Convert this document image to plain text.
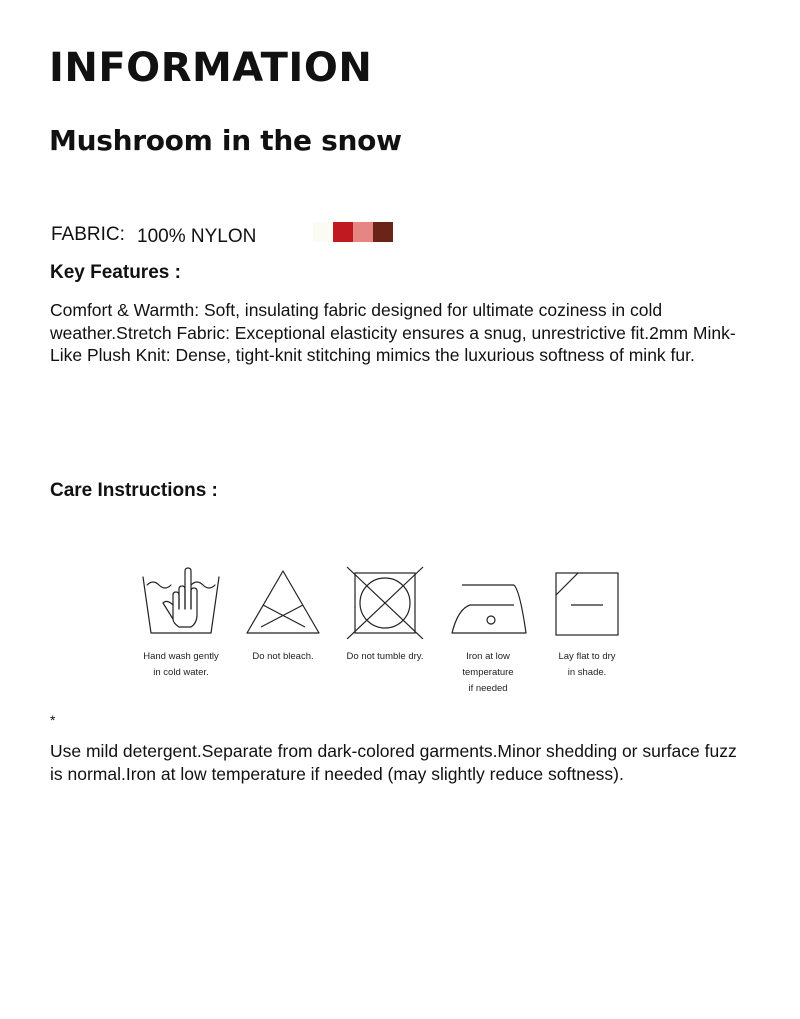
INFORMATION
Mushroom in the snow
FABRIC: 100% NYLON
Key Features :

Comfort & Warmth: Soft, insulating fabric designed for ultimate coziness in cold weather.Stretch Fabric: Exceptional elasticity ensures a snug, unrestrictive fit.2mm Mink-Like Plush Knit: Dense, tight-knit stitching mimics the luxurious softness of mink fur.

Care Instructions :
Hand wash gently
in cold water.
Do not bleach.	Do not tumble dry.	Iron at low
temperature
if needed
Lay flat to dry
in shade.
*

Use mild detergent.Separate from dark-colored garments.Minor shedding or surface fuzz is normal.Iron at low temperature if needed (may slightly reduce softness).
